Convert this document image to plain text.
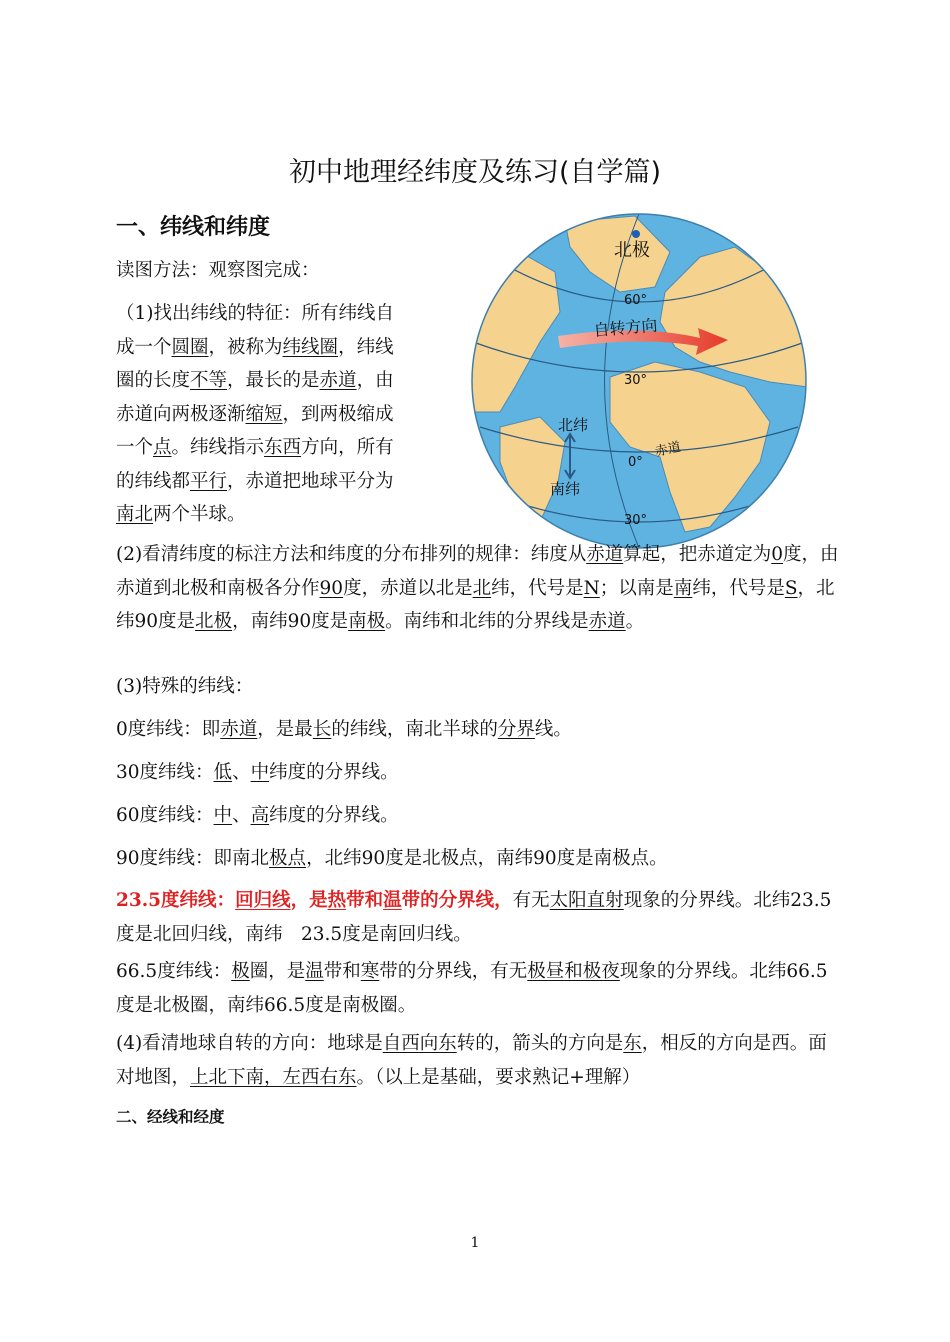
初中地理经纬度及练习(自学篇)
一、纬线和纬度
读图方法：观察图完成：
（1)找出纬线的特征：所有纬线自成一个圆圈，被称为纬线圈，纬线圈的长度不等，最长的是赤道，由赤道向两极逐渐缩短，到两极缩成一个点。纬线指示东西方向，所有的纬线都平行，赤道把地球平分为南北两个半球。
北极
60°
自转方向
30°
北纬
0°
赤道
南纬
30°
(2)看清纬度的标注方法和纬度的分布排列的规律：纬度从赤道算起，把赤道定为0度，由赤道到北极和南极各分作90度，赤道以北是北纬，代号是N；以南是南纬，代号是S，北纬90度是北极，南纬90度是南极。南纬和北纬的分界线是赤道。
(3)特殊的纬线：
0度纬线：即赤道，是最长的纬线，南北半球的分界线。
30度纬线：低、中纬度的分界线。
60度纬线：中、高纬度的分界线。
90度纬线：即南北极点，北纬90度是北极点，南纬90度是南极点。
23.5度纬线：回归线，是热带和温带的分界线，有无太阳直射现象的分界线。北纬23.5度是北回归线，南纬　23.5度是南回归线。
66.5度纬线：极圈，是温带和寒带的分界线，有无极昼和极夜现象的分界线。北纬66.5度是北极圈，南纬66.5度是南极圈。
(4)看清地球自转的方向：地球是自西向东转的，箭头的方向是东，相反的方向是西。面对地图，上北下南，左西右东。（以上是基础，要求熟记+理解）
二、经线和经度
1
